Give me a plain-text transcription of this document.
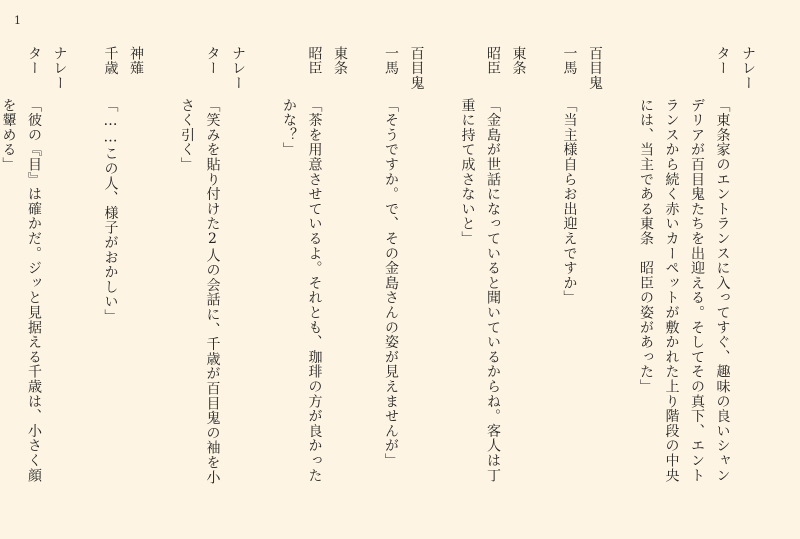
1
ナレーター「東条家のエントランスに入ってすぐ、趣味の良いシャン
デリアが百目鬼たちを出迎える。そしてその真下、エント
ランスから続く赤いカーペットが敷かれた上り階段の中央
には、当主である東条　昭臣の姿があった」

百目鬼　一馬「当主様自らお出迎えですか」

東条　昭臣「金島が世話になっていると聞いているからね。客人は丁
重に持て成さないと」

百目鬼　一馬「そうですか。で、その金島さんの姿が見えませんが」

東条　昭臣「茶を用意させているよ。それとも、珈琲の方が良かった
かな？」

ナレーター「笑みを貼り付けた2人の会話に、千歳が百目鬼の袖を小
さく引く」

神薙　千歳「……この人、様子がおかしい」

ナレーター「彼の『目』は確かだ。ジッと見据える千歳は、小さく顔
を顰める」
